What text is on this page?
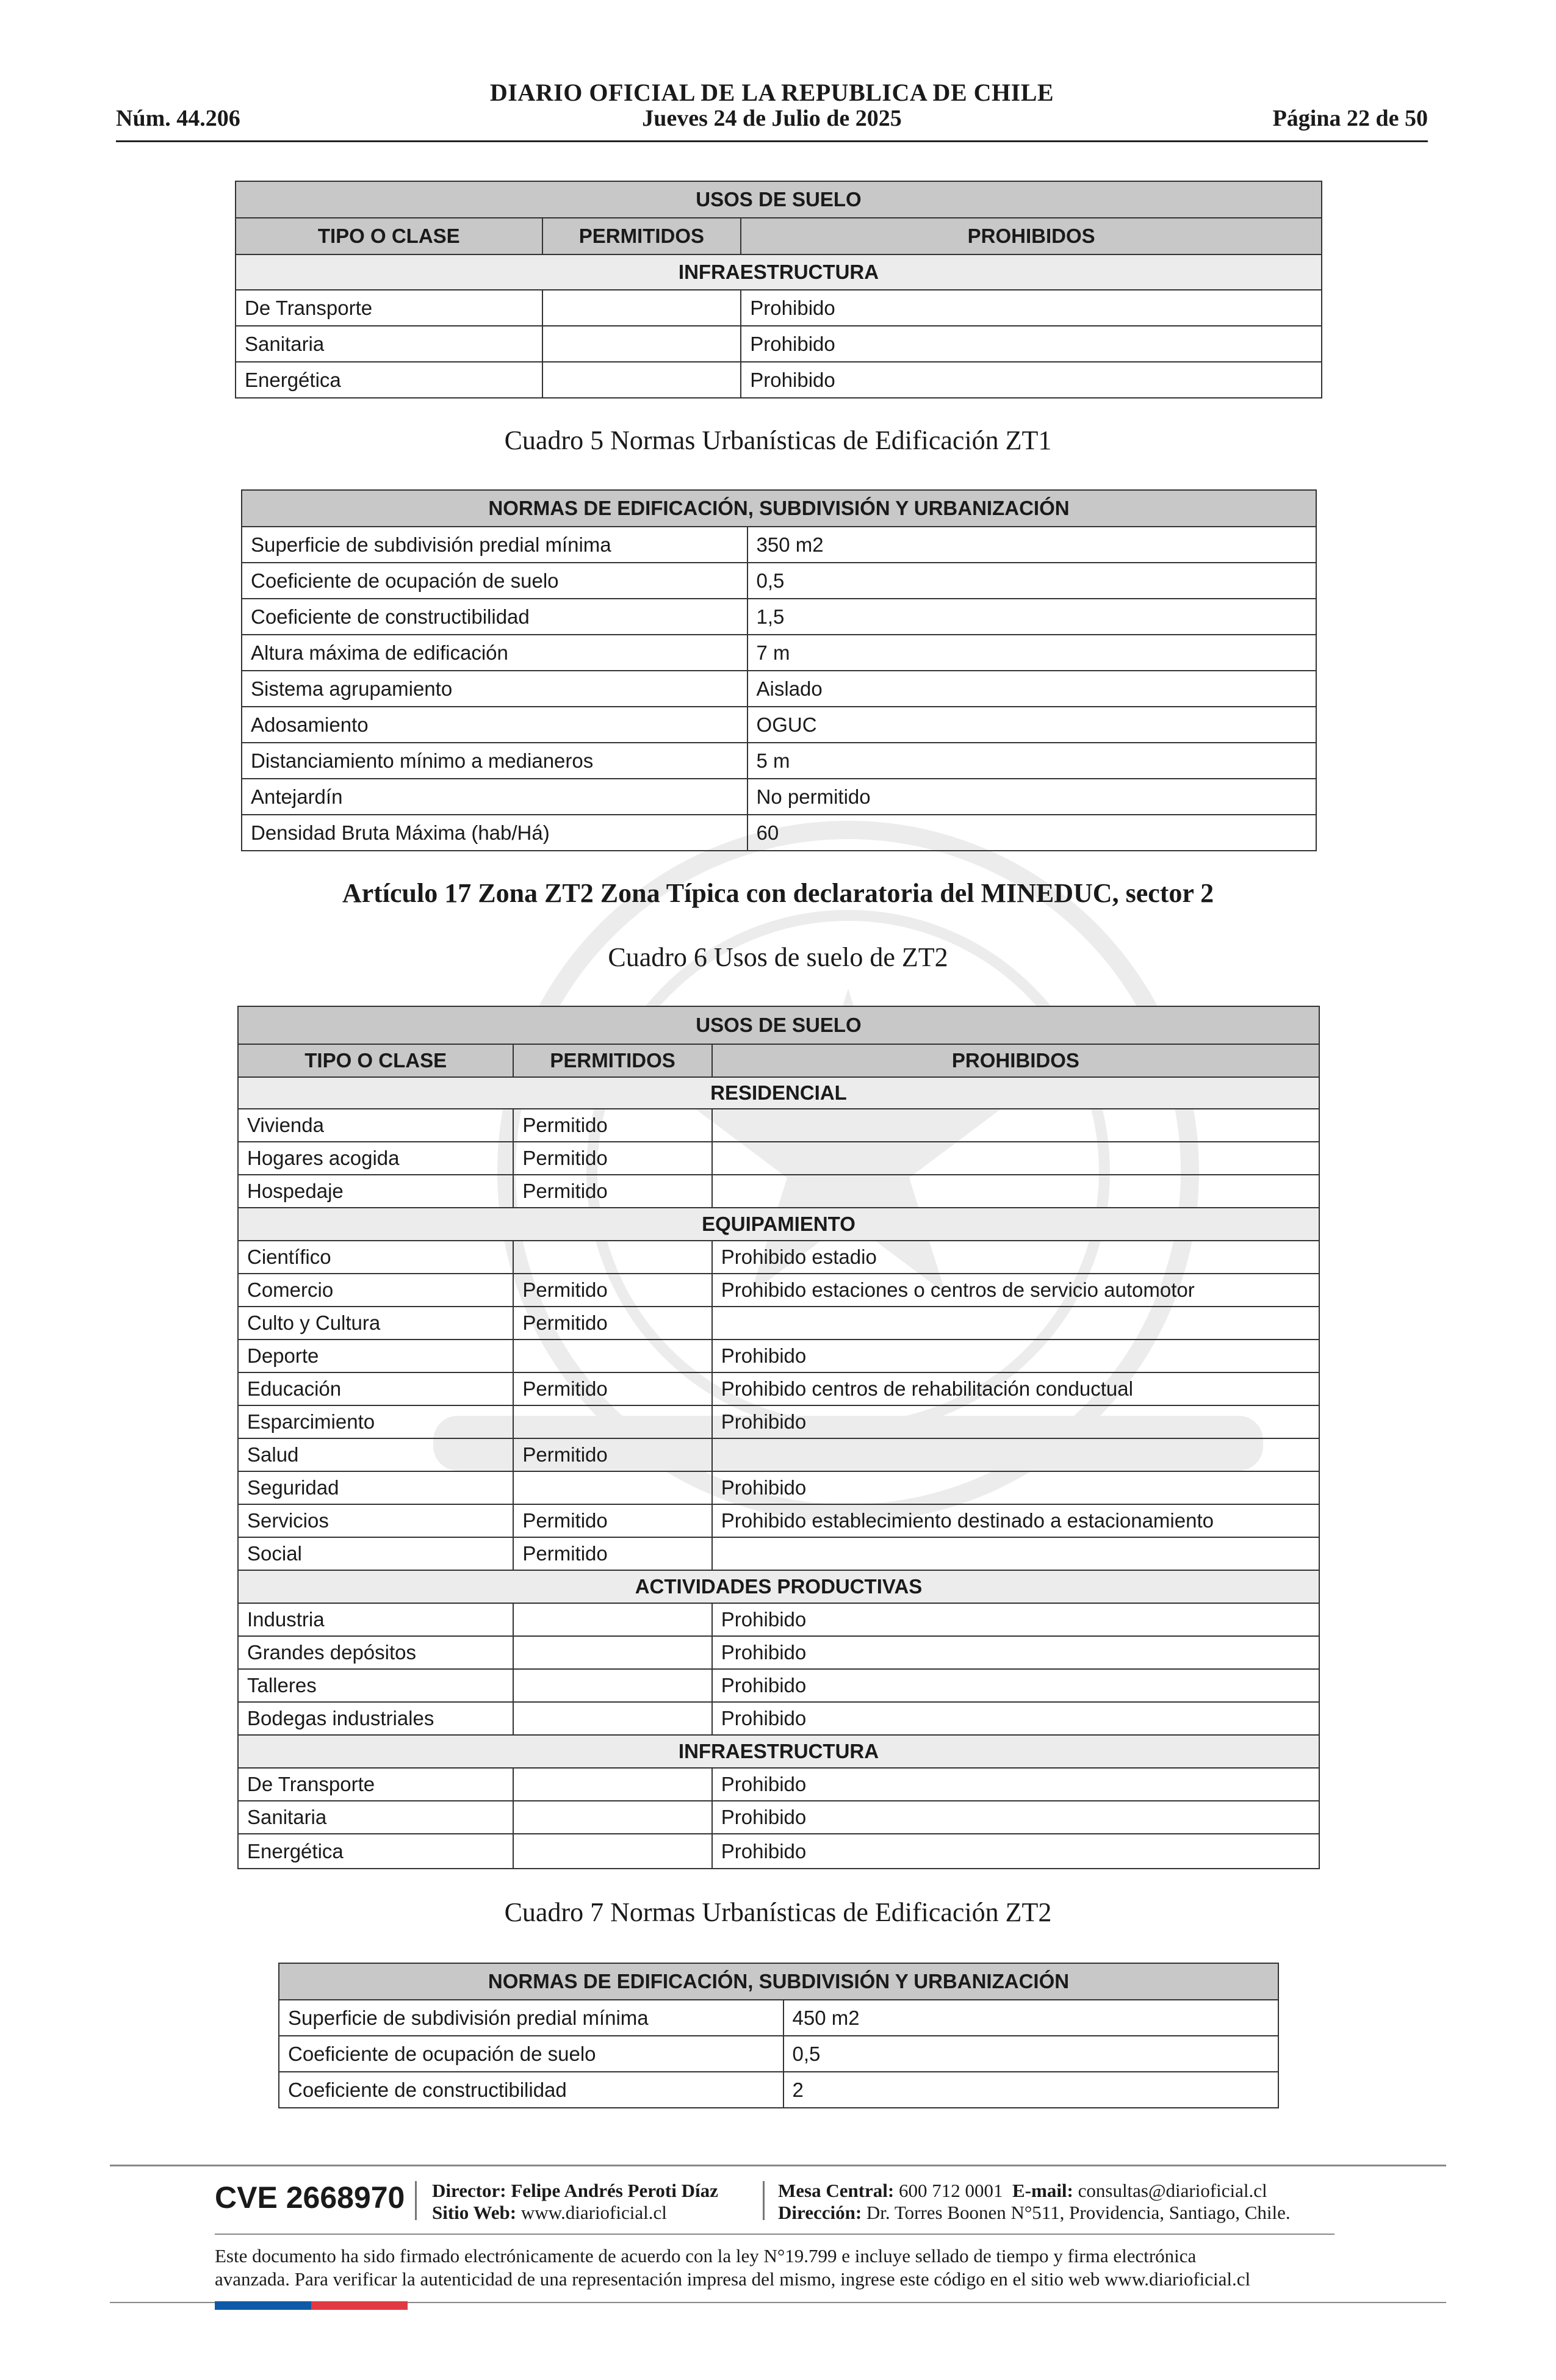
DIARIO OFICIAL DE LA REPUBLICA DE CHILE
Núm. 44.206	Jueves 24 de Julio de 2025	Página 22 de 50
USOS DE SUELO		
TIPO O CLASE	PERMITIDOS	PROHIBIDOS
INFRAESTRUCTURA		
De Transporte		Prohibido
Sanitaria		Prohibido
Energética		Prohibido
Cuadro 5 Normas Urbanísticas de Edificación ZT1
NORMAS DE EDIFICACIÓN, SUBDIVISIÓN Y URBANIZACIÓN	
Superficie de subdivisión predial mínima	350 m2
Coeficiente de ocupación de suelo	0,5
Coeficiente de constructibilidad	1,5
Altura máxima de edificación	7 m
Sistema agrupamiento	Aislado
Adosamiento	OGUC
Distanciamiento mínimo a medianeros	5 m
Antejardín	No permitido
Densidad Bruta Máxima (hab/Há)	60
Artículo 17 Zona ZT2 Zona Típica con declaratoria del MINEDUC, sector 2
Cuadro 6 Usos de suelo de ZT2
USOS DE SUELO		
TIPO O CLASE	PERMITIDOS	PROHIBIDOS
RESIDENCIAL		
Vivienda	Permitido	
Hogares acogida	Permitido	
Hospedaje	Permitido	
EQUIPAMIENTO		
Científico		Prohibido estadio
Comercio	Permitido	Prohibido estaciones o centros de servicio automotor
Culto y Cultura	Permitido	
Deporte		Prohibido
Educación	Permitido	Prohibido centros de rehabilitación conductual
Esparcimiento		Prohibido
Salud	Permitido	
Seguridad		Prohibido
Servicios	Permitido	Prohibido establecimiento destinado a estacionamiento
Social	Permitido	
ACTIVIDADES PRODUCTIVAS		
Industria		Prohibido
Grandes depósitos		Prohibido
Talleres		Prohibido
Bodegas industriales		Prohibido
INFRAESTRUCTURA		
De Transporte		Prohibido
Sanitaria		Prohibido
Energética		Prohibido
Cuadro 7 Normas Urbanísticas de Edificación ZT2
NORMAS DE EDIFICACIÓN, SUBDIVISIÓN Y URBANIZACIÓN	
Superficie de subdivisión predial mínima	450 m2
Coeficiente de ocupación de suelo	0,5
Coeficiente de constructibilidad	2
CVE 2668970 Director: Felipe Andrés Peroti Díaz
Sitio Web: www.diarioficial.cl
Mesa Central: 600 712 0001 E-mail: consultas@diarioficial.cl
Dirección: Dr. Torres Boonen N°511, Providencia, Santiago, Chile.
Este documento ha sido firmado electrónicamente de acuerdo con la ley N°19.799 e incluye sellado de tiempo y firma electrónica
avanzada. Para verificar la autenticidad de una representación impresa del mismo, ingrese este código en el sitio web www.diarioficial.cl
